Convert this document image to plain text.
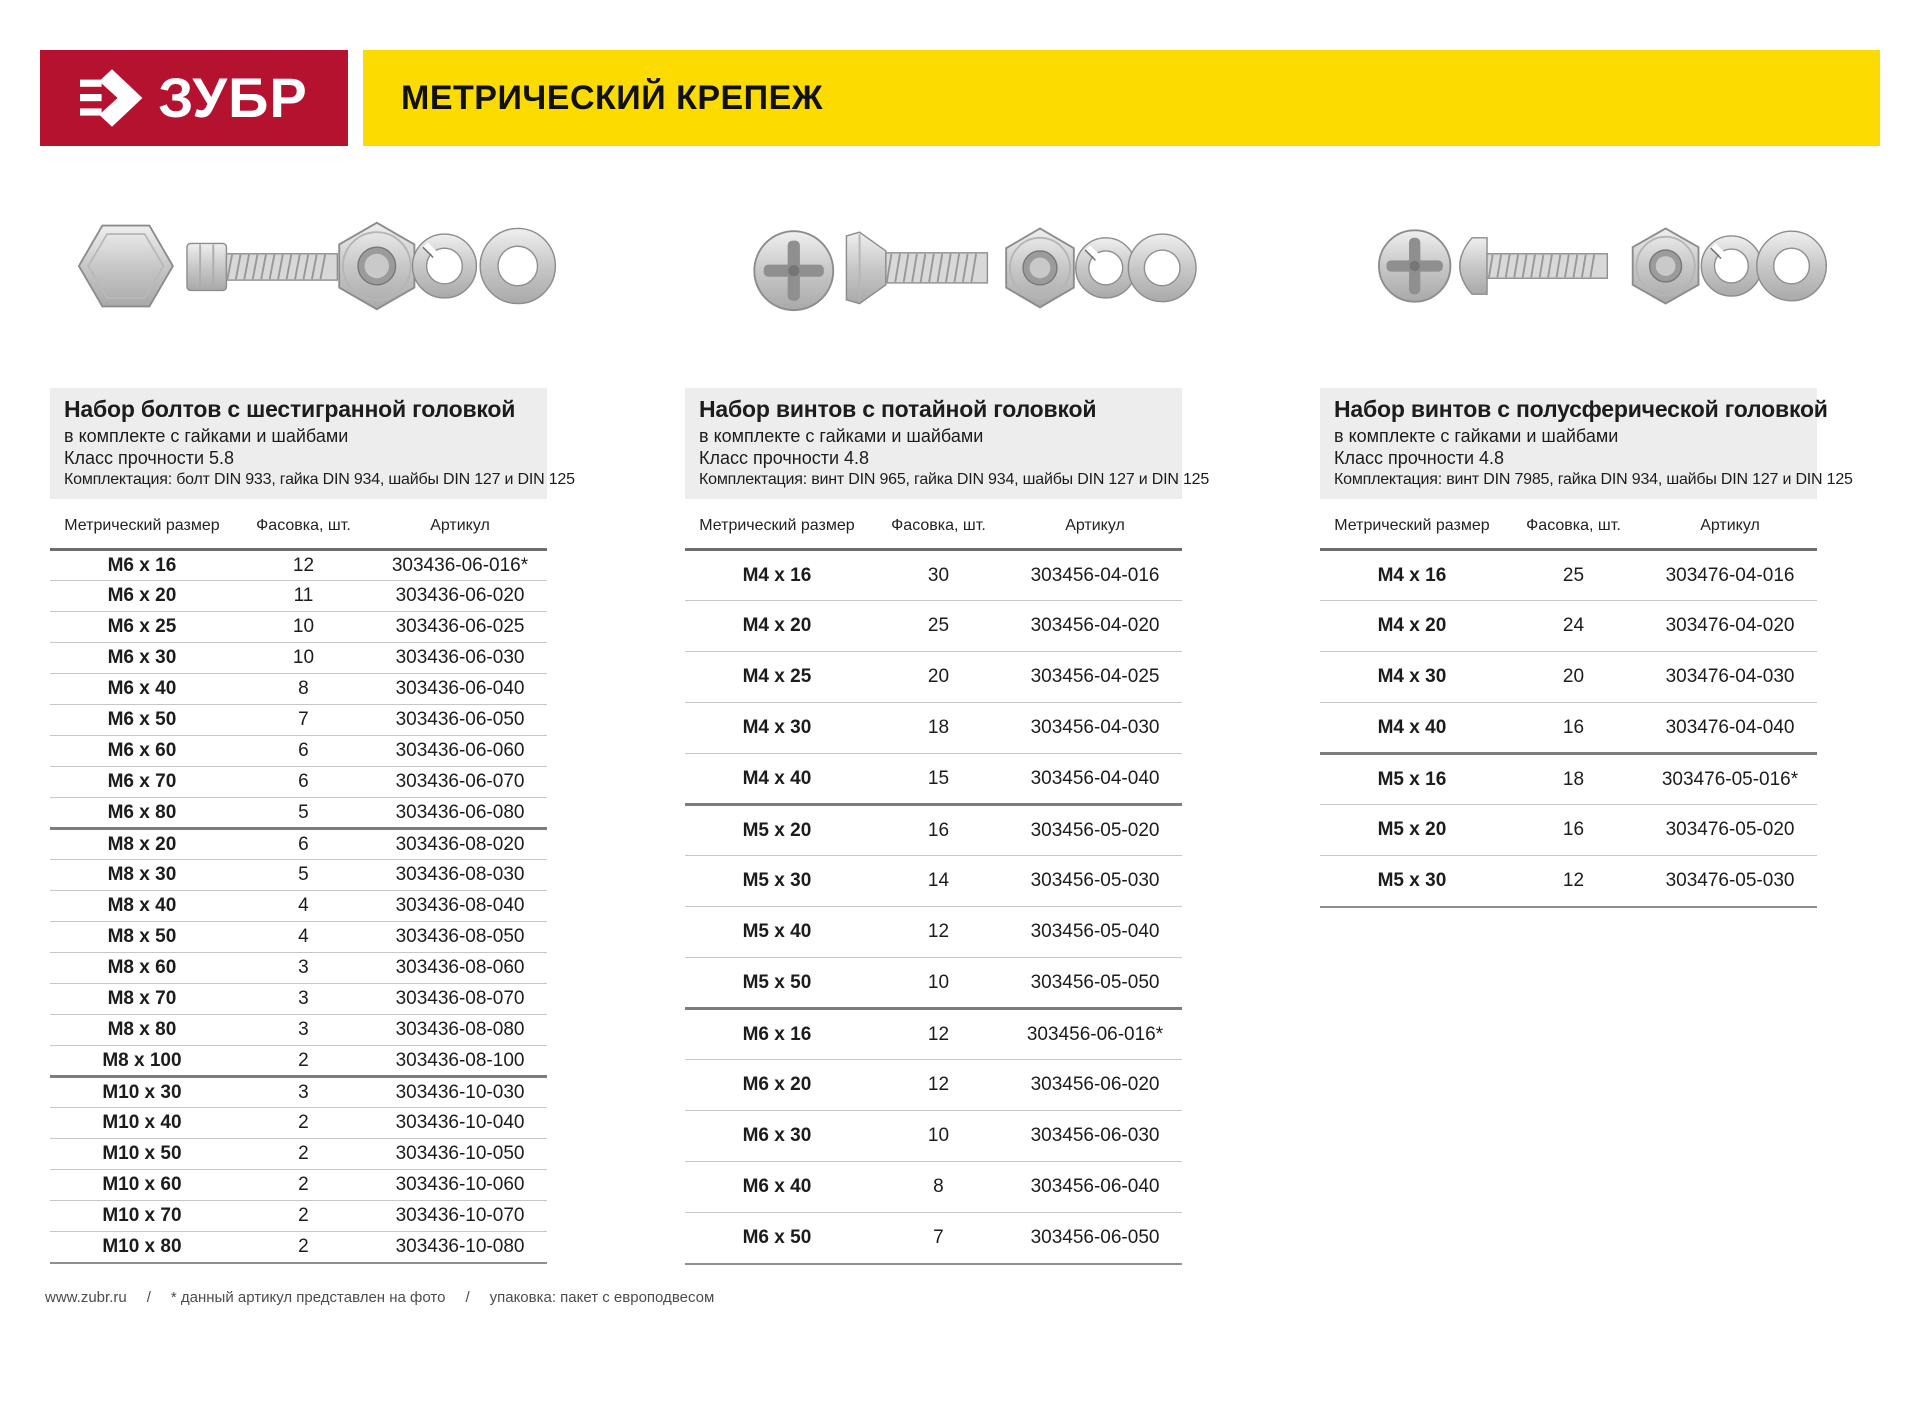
ЗУБР	МЕТРИЧЕСКИЙ КРЕПЕЖ
Набор болтов с шестигранной головкой
в комплекте с гайками и шайбами
Класс прочности 5.8
Комплектация: болт DIN 933, гайка DIN 934, шайбы DIN 127 и DIN 125
Метрический размер	Фасовка, шт.	Артикул
М6 х 16	12	303436-06-016*
М6 х 20	11	303436-06-020
М6 х 25	10	303436-06-025
М6 х 30	10	303436-06-030
М6 х 40	8	303436-06-040
М6 х 50	7	303436-06-050
М6 х 60	6	303436-06-060
М6 х 70	6	303436-06-070
М6 х 80	5	303436-06-080
М8 х 20	6	303436-08-020
М8 х 30	5	303436-08-030
М8 х 40	4	303436-08-040
М8 х 50	4	303436-08-050
М8 х 60	3	303436-08-060
М8 х 70	3	303436-08-070
М8 х 80	3	303436-08-080
М8 х 100	2	303436-08-100
М10 х 30	3	303436-10-030
М10 х 40	2	303436-10-040
М10 х 50	2	303436-10-050
М10 х 60	2	303436-10-060
М10 х 70	2	303436-10-070
М10 х 80	2	303436-10-080
Набор винтов с потайной головкой
в комплекте с гайками и шайбами
Класс прочности 4.8
Комплектация: винт DIN 965, гайка DIN 934, шайбы DIN 127 и DIN 125
Метрический размер	Фасовка, шт.	Артикул
М4 х 16	30	303456-04-016
М4 х 20	25	303456-04-020
М4 х 25	20	303456-04-025
М4 х 30	18	303456-04-030
М4 х 40	15	303456-04-040
М5 х 20	16	303456-05-020
М5 х 30	14	303456-05-030
М5 х 40	12	303456-05-040
М5 х 50	10	303456-05-050
М6 х 16	12	303456-06-016*
М6 х 20	12	303456-06-020
М6 х 30	10	303456-06-030
М6 х 40	8	303456-06-040
М6 х 50	7	303456-06-050
Набор винтов с полусферической головкой
в комплекте с гайками и шайбами
Класс прочности 4.8
Комплектация: винт DIN 7985, гайка DIN 934, шайбы DIN 127 и DIN 125
Метрический размер	Фасовка, шт.	Артикул
М4 х 16	25	303476-04-016
М4 х 20	24	303476-04-020
М4 х 30	20	303476-04-030
М4 х 40	16	303476-04-040
М5 х 16	18	303476-05-016*
М5 х 20	16	303476-05-020
М5 х 30	12	303476-05-030
www.zubr.ru / * данный артикул представлен на фото / упаковка: пакет с европодвесом
